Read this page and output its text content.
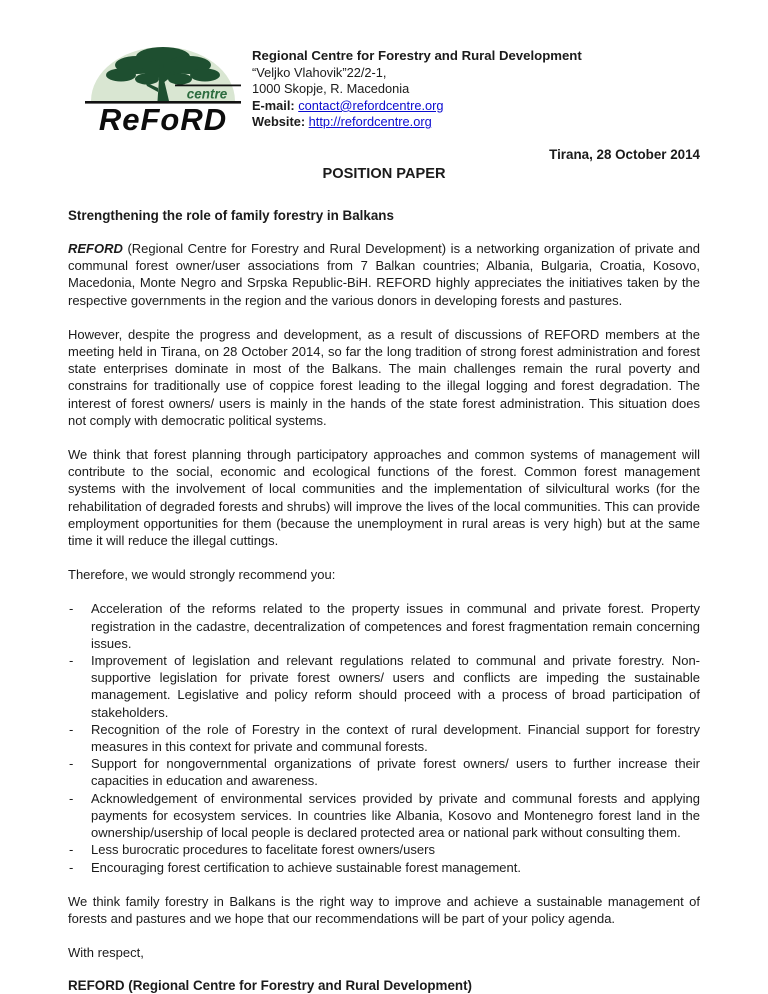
centre
ReFoRD
Regional Centre for Forestry and Rural Development
“Veljko Vlahovik”22/2-1,
1000 Skopje, R. Macedonia
E-mail: contact@refordcentre.org
Website: http://refordcentre.org
Tirana, 28 October 2014
POSITION PAPER
Strengthening the role of family forestry in Balkans

REFORD (Regional Centre for Forestry and Rural Development) is a networking organization of private and communal forest owner/user associations from 7 Balkan countries; Albania, Bulgaria, Croatia, Kosovo, Macedonia, Monte Negro and Srpska Republic-BiH. REFORD highly appreciates the initiatives taken by the respective governments in the region and the various donors in developing forests and pastures.

However, despite the progress and development, as a result of discussions of REFORD members at the meeting held in Tirana, on 28 October 2014, so far the long tradition of strong forest administration and forest state enterprises dominate in most of the Balkans. The main challenges remain the rural poverty and constrains for traditionally use of coppice forest leading to the illegal logging and forest degradation. The interest of forest owners/ users is mainly in the hands of the state forest administration. This situation does not comply with democratic political systems.

We think that forest planning through participatory approaches and common systems of management will contribute to the social, economic and ecological functions of the forest. Common forest management systems with the involvement of local communities and the implementation of silvicultural works (for the rehabilitation of degraded forests and shrubs) will improve the lives of the local communities. This can provide employment opportunities for them (because the unemployment in rural areas is very high) but at the same time it will reduce the illegal cuttings.

Therefore, we would strongly recommend you:

- Acceleration of the reforms related to the property issues in communal and private forest. Property registration in the cadastre, decentralization of competences and forest fragmentation remain concerning issues.
- Improvement of legislation and relevant regulations related to communal and private forestry. Non-supportive legislation for private forest owners/ users and conflicts are impeding the sustainable management. Legislative and policy reform should proceed with a process of broad participation of stakeholders.
- Recognition of the role of Forestry in the context of rural development. Financial support for forestry measures in this context for private and communal forests.
- Support for nongovernmental organizations of private forest owners/ users to further increase their capacities in education and awareness.
- Acknowledgement of environmental services provided by private and communal forests and applying payments for ecosystem services. In countries like Albania, Kosovo and Montenegro forest land in the ownership/usership of local people is declared protected area or national park without consulting them.
- Less burocratic procedures to facelitate forest owners/users
- Encouraging forest certification to achieve sustainable forest management.

We think family forestry in Balkans is the right way to improve and achieve a sustainable management of forests and pastures and we hope that our recommendations will be part of your policy agenda.

With respect,

REFORD (Regional Centre for Forestry and Rural Development)
